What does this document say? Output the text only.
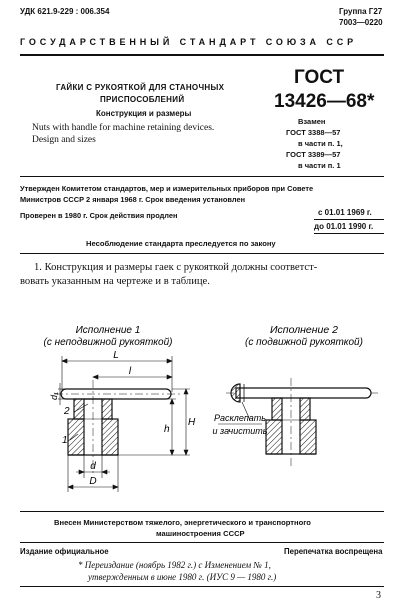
УДК 621.9-229 : 006.354	Группа Г27
7003—0220
ГОСУДАРСТВЕННЫЙ СТАНДАРТ СОЮЗА ССР
ГАЙКИ С РУКОЯТКОЙ ДЛЯ СТАНОЧНЫХ
ПРИСПОСОБЛЕНИЙ
Конструкция и размеры
Nuts with handle for machine retaining devices.
Design and sizes
ГОСТ
13426—68*
Взамен
ГОСТ 3388—57
в части п. 1,
ГОСТ 3389—57
в части п. 1
Утвержден Комитетом стандартов, мер и измерительных приборов при Совете
Министров СССР 2 января 1968 г. Срок введения установлен
с 01.01 1969 г.
Проверен в 1980 г. Срок действия продлен
до 01.01 1990 г.
Несоблюдение стандарта преследуется по закону
1. Конструкция и размеры гаек с рукояткой должны соответст-
вовать указанным на чертеже и в таблице.
Исполнение 1
(с неподвижной рукояткой)
L
l
d₁
2
1
d
D
H
h
Исполнение 2
(с подвижной рукояткой)
Расклепать
и зачистить
Внесен Министерством тяжелого, энергетического и транспортного
машиностроения СССР
Издание официальное	Перепечатка воспрещена
* Переиздание (ноябрь 1982 г.) с Изменением № 1,
утвержденным в июне 1980 г. (ИУС 9 — 1980 г.)
3
